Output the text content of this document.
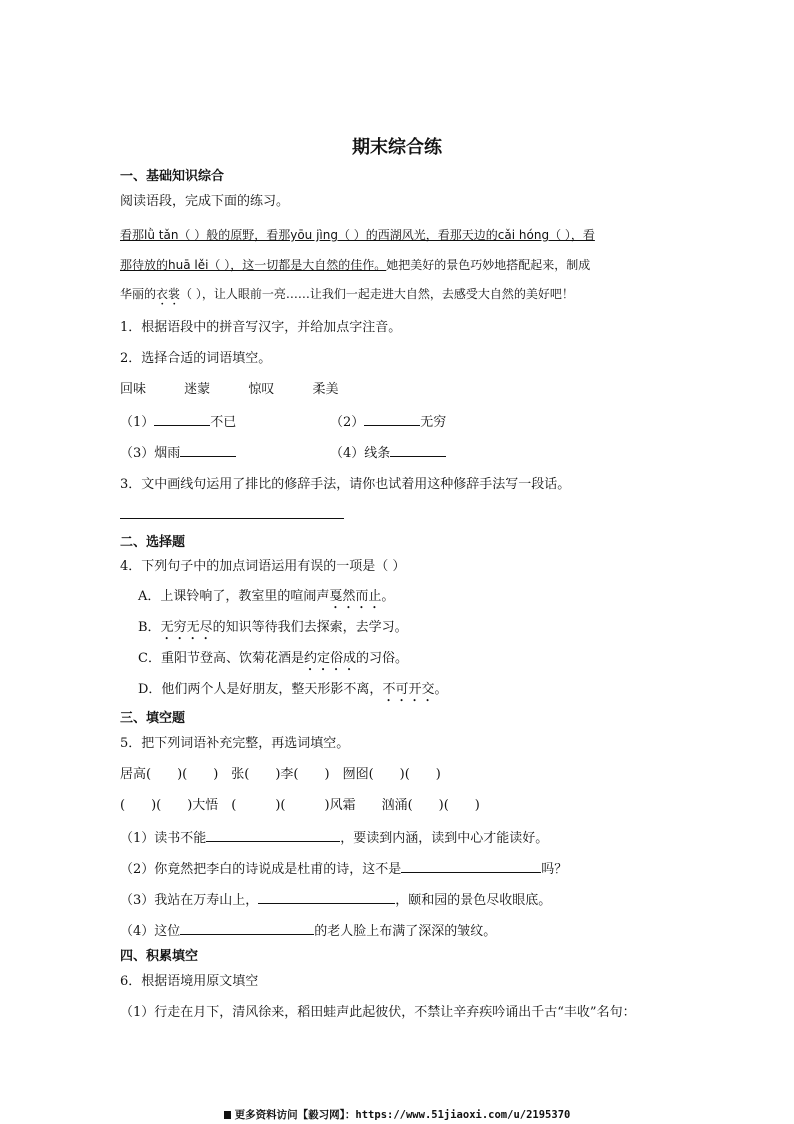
期末综合练
一、基础知识综合
阅读语段，完成下面的练习。
看那lǜ tǎn（ ）般的原野，看那yōu jìng（ ）的西湖风光，看那天边的cǎi hóng（ ），看
那待放的huā lěi（ ），这一切都是大自然的佳作。她把美好的景色巧妙地搭配起来，制成
华丽的衣裳（ ），让人眼前一亮……让我们一起走进大自然，去感受大自然的美好吧！
1．根据语段中的拼音写汉字，并给加点字注音。
2．选择合适的词语填空。
回味	迷蒙	惊叹	柔美
（1）	不已	（2）	无穷
（3）烟雨	（4）线条
3．文中画线句运用了排比的修辞手法，请你也试着用这种修辞手法写一段话。
二、选择题
4．下列句子中的加点词语运用有误的一项是（ ）
A．上课铃响了，教室里的喧闹声戛然而止。
B．无穷无尽的知识等待我们去探索，去学习。
C．重阳节登高、饮菊花酒是约定俗成的习俗。
D．他们两个人是好朋友，整天形影不离，不可开交。
三、填空题
5．把下列词语补充完整，再选词填空。
居高(　　)(　　)　张(　　)李(　　)　囫囵(　　)(　　)
(　　)(　　)大悟　(　　　)(　　　)风霜　　汹涌(　　)(　　)
（1）读书不能	，要读到内涵，读到中心才能读好。
（2）你竟然把李白的诗说成是杜甫的诗，这不是	吗？
（3）我站在万寿山上，	，颐和园的景色尽收眼底。
（4）这位	的老人脸上布满了深深的皱纹。
四、积累填空
6．根据语境用原文填空
（1）行走在月下，清风徐来，稻田蛙声此起彼伏，不禁让辛弃疾吟诵出千古“丰收”名句：
更多资料访问【毅习网】：https://www.51jiaoxi.com/u/2195370
